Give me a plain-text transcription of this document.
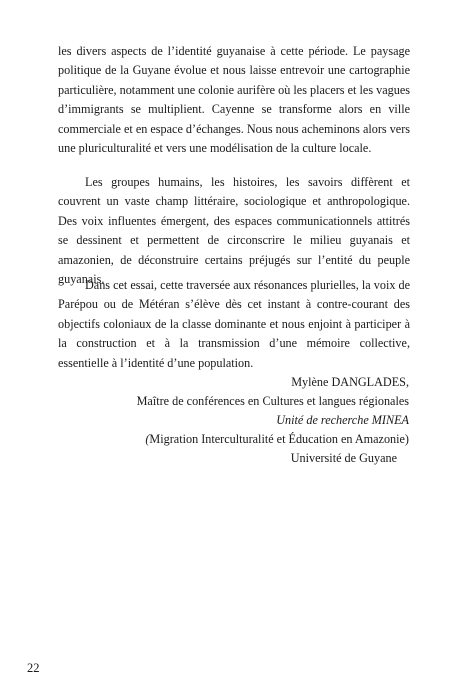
les divers aspects de l’identité guyanaise à cette période. Le paysage politique de la Guyane évolue et nous laisse entrevoir une cartographie particulière, notamment une colonie aurifère où les placers et les vagues d’immigrants se multiplient. Cayenne se transforme alors en ville commerciale et en espace d’échanges. Nous nous acheminons alors vers une pluriculturalité et vers une modélisation de la culture locale.

Les groupes humains, les histoires, les savoirs diffèrent et couvrent un vaste champ littéraire, sociologique et anthropologique. Des voix influentes émergent, des espaces communicationnels attitrés se dessinent et permettent de circonscrire le milieu guyanais et amazonien, de déconstruire certains préjugés sur l’entité du peuple guyanais.

Dans cet essai, cette traversée aux résonances plurielles, la voix de Parépou ou de Météran s’élève dès cet instant à contre-courant des objectifs coloniaux de la classe dominante et nous enjoint à participer à la construction et à la transmission d’une mémoire collective, essentielle à l’identité d’une population.

Mylène DANGLADES,
Maître de conférences en Cultures et langues régionales
Unité de recherche MINEA
(Migration Interculturalité et Éducation en Amazonie)
Université de Guyane
22
